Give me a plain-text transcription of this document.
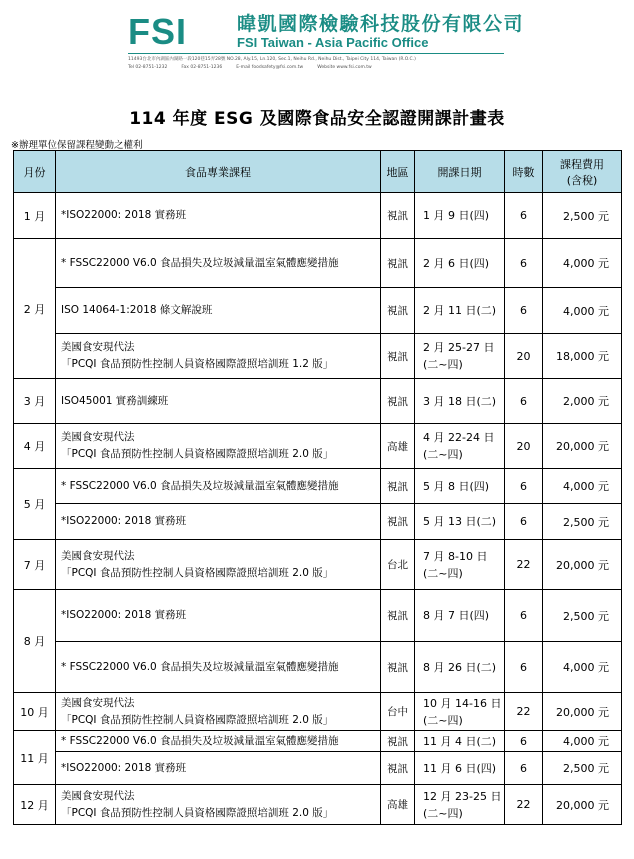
FSI	暐凱國際檢驗科技股份有限公司
FSI Taiwan - Asia Pacific Office
11493台北市內湖區內湖路一段120巷15弄28號 NO.28, Aly.15, Ln.120, Sec.1, Neihu Rd., Neihu Dist., Taipei City 114, Taiwan (R.O.C.)
Tel 02-8751-1232	Fax 02-8751-1236	E-mail foodsafety@fsi.com.tw	Website www.fsi.com.tw
114 年度 ESG 及國際食品安全認證開課計畫表
※辦理單位保留課程變動之權利
月份	食品專業課程	地區	開課日期	時數	課程費用
(含稅)

1 月	*ISO22000: 2018 實務班	視訊	1 月 9 日(四)	6	2,500 元
2 月	* FSSC22000 V6.0 食品損失及垃圾減量溫室氣體應變措施	視訊	2 月 6 日(四)	6	4,000 元

	ISO 14064-1:2018 條文解說班	視訊	2 月 11 日(二)	6	4,000 元

	美國食安現代法
「PCQI 食品預防性控制人員資格國際證照培訓班 1.2 版」	視訊	2 月 25-27 日
(二~四)	20	18,000 元
3 月	ISO45001 實務訓練班	視訊	3 月 18 日(二)	6	2,000 元
4 月	美國食安現代法
「PCQI 食品預防性控制人員資格國際證照培訓班 2.0 版」	高雄	4 月 22-24 日
(二~四)	20	20,000 元
5 月	* FSSC22000 V6.0 食品損失及垃圾減量溫室氣體應變措施	視訊	5 月 8 日(四)	6	4,000 元

	*ISO22000: 2018 實務班	視訊	5 月 13 日(二)	6	2,500 元
7 月	美國食安現代法
「PCQI 食品預防性控制人員資格國際證照培訓班 2.0 版」	台北	7 月 8-10 日
(二~四)	22	20,000 元
8 月	*ISO22000: 2018 實務班	視訊	8 月 7 日(四)	6	2,500 元

	* FSSC22000 V6.0 食品損失及垃圾減量溫室氣體應變措施	視訊	8 月 26 日(二)	6	4,000 元
10 月	美國食安現代法
「PCQI 食品預防性控制人員資格國際證照培訓班 2.0 版」	台中	10 月 14-16 日
(二~四)	22	20,000 元
11 月	* FSSC22000 V6.0 食品損失及垃圾減量溫室氣體應變措施	視訊	11 月 4 日(二)	6	4,000 元

	*ISO22000: 2018 實務班	視訊	11 月 6 日(四)	6	2,500 元
12 月	美國食安現代法
「PCQI 食品預防性控制人員資格國際證照培訓班 2.0 版」	高雄	12 月 23-25 日
(二~四)	22	20,000 元
